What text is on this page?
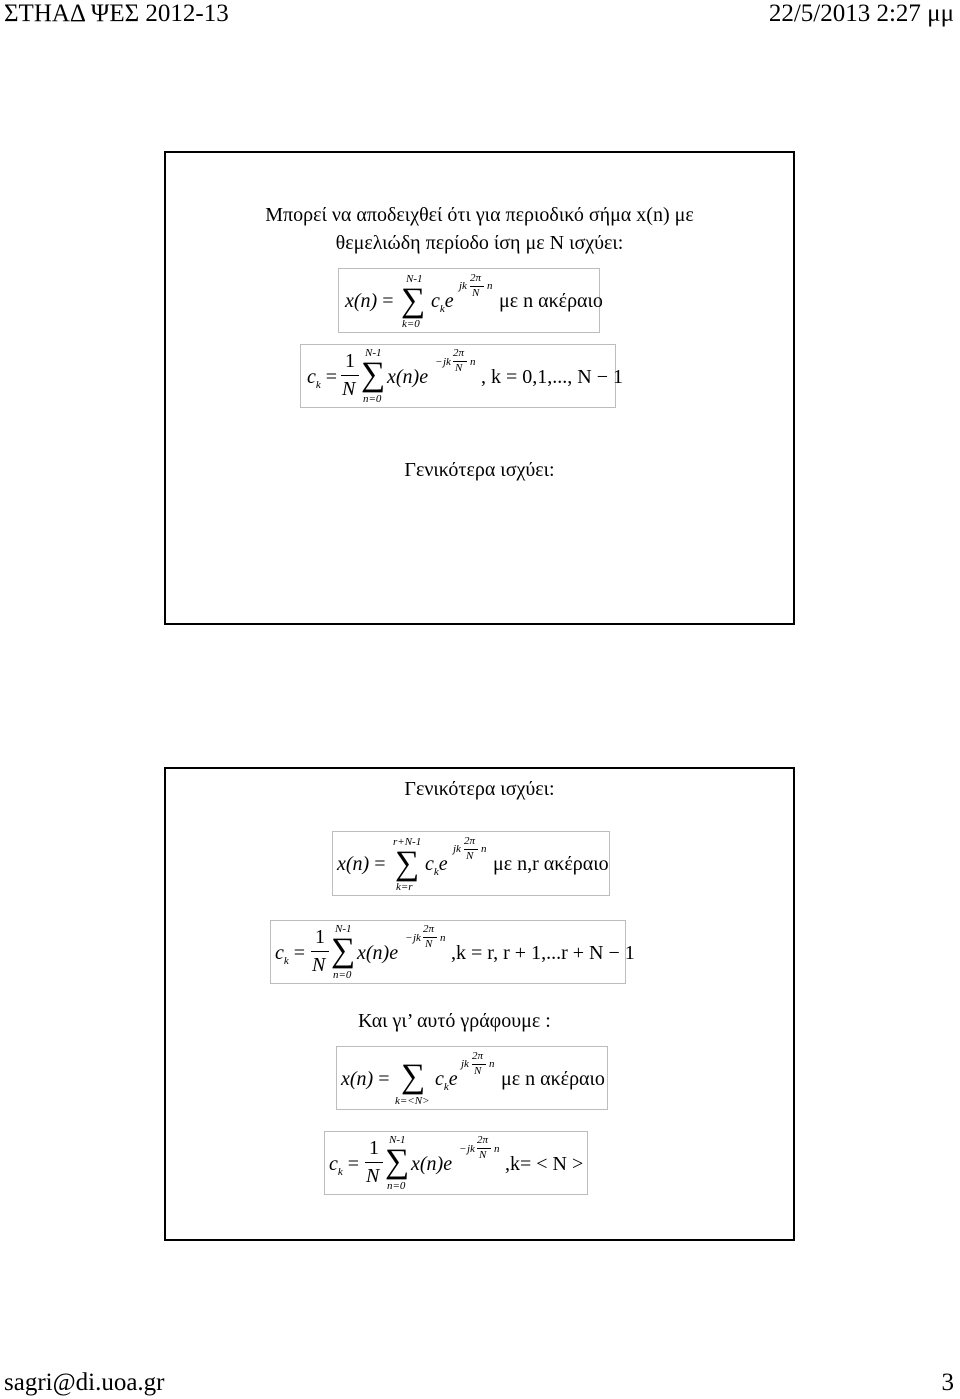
ΣΤΗΑΔ ΨΕΣ 2012-13	22/5/2013 2:27 μμ
Μπορεί να αποδειχθεί ότι για περιοδικό σήμα x(n) με
θεμελιώδη περίοδο ίση με N ισχύει:
x(n) =
N-1
∑
k=0
$c_ke$
jk
2π
N
n
με n ακέραιο
$c_k$ =
1
N
N-1
∑
n=0
x(n)e
− jk
2π
N n
, k = 0,1,..., N − 1
Γενικότερα ισχύει:
Γενικότερα ισχύει:
x(n) =
r+N-1
∑
k=r
$c_ke$
jk
2π
N
n
με n,r ακέραιο
$c_k$ =
1
N
N-1
∑
n=0
x(n)e
− jk
2π
N n
,k = r, r + 1,...r + N − 1
Και γι’ αυτό γράφουμε :
x(n) = ∑
k=<N>
$c_ke$
jk
2π
N
n
με n ακέραιο
$c_k$ =
1
N
N-1
∑
n=0
x(n)e
− jk
2π
N n
,k= < N >
sagri@di.uoa.gr	3
